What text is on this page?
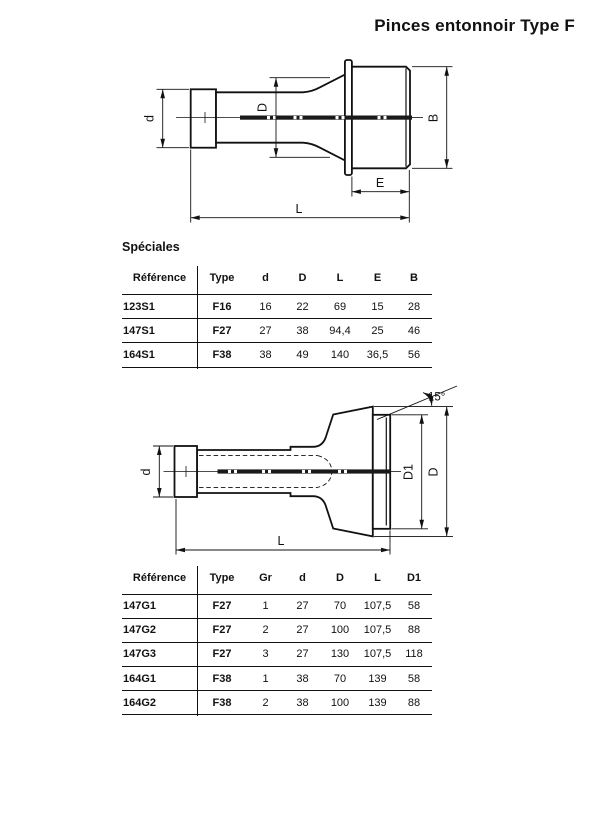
Pinces entonnoir Type F
d
D
B
E
L
Spéciales
Référence	Type	d	D	L	E	B
123S1	F16	16	22	69	15	28
147S1	F27	27	38	94,4	25	46
164S1	F38	38	49	140	36,5	56
15°
d	D1 D
L
Référence	Type	Gr	d	D	L	D1
147G1	F27	1	27	70	107,5	58
147G2	F27	2	27	100	107,5	88
147G3	F27	3	27	130	107,5	118
164G1	F38	1	38	70	139	58
164G2	F38	2	38	100	139	88
